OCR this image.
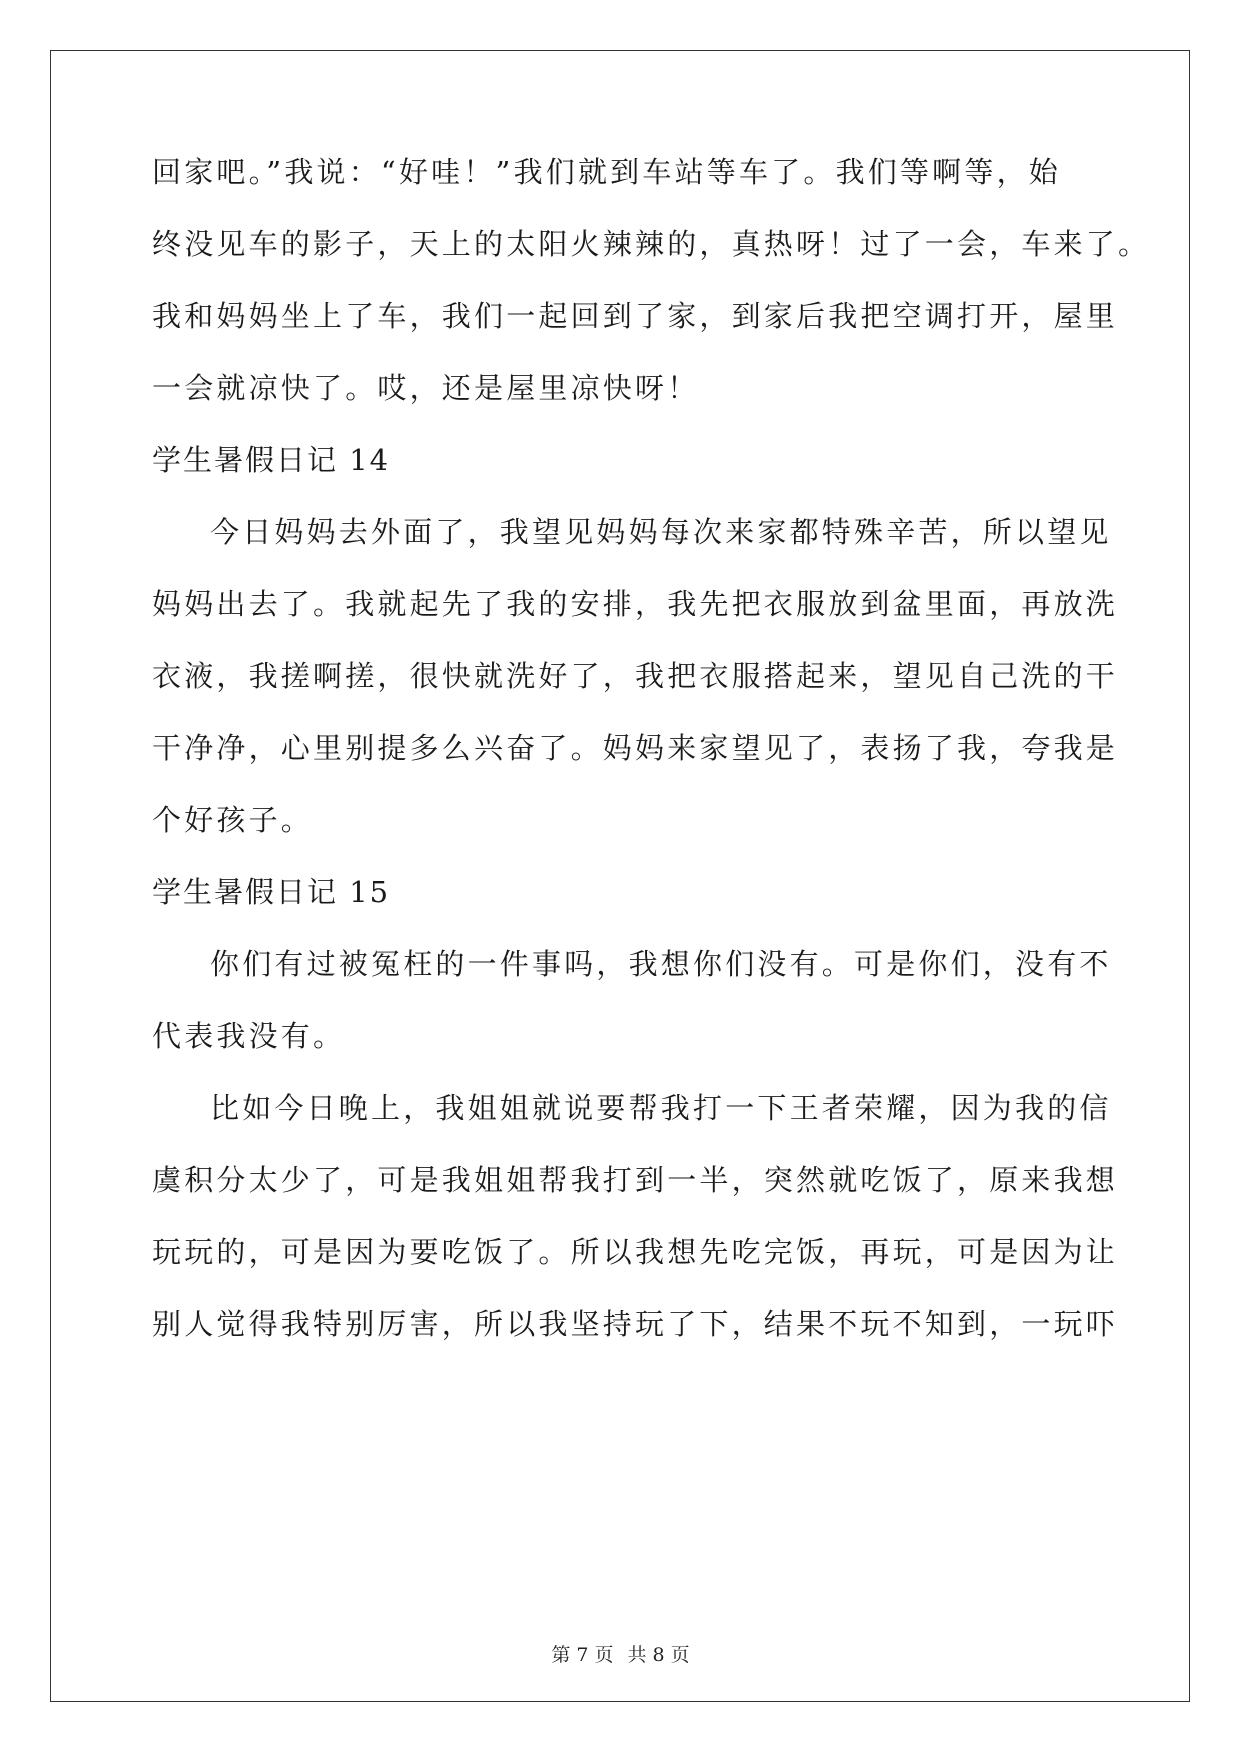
回家吧。”我说：“好哇！”我们就到车站等车了。我们等啊等，始
终没见车的影子，天上的太阳火辣辣的，真热呀！过了一会，车来了。
我和妈妈坐上了车，我们一起回到了家，到家后我把空调打开，屋里
一会就凉快了。哎，还是屋里凉快呀！
学生暑假日记 14
今日妈妈去外面了，我望见妈妈每次来家都特殊辛苦，所以望见
妈妈出去了。我就起先了我的安排，我先把衣服放到盆里面，再放洗
衣液，我搓啊搓，很快就洗好了，我把衣服搭起来，望见自己洗的干
干净净，心里别提多么兴奋了。妈妈来家望见了，表扬了我，夸我是
个好孩子。
学生暑假日记 15
你们有过被冤枉的一件事吗，我想你们没有。可是你们，没有不
代表我没有。
比如今日晚上，我姐姐就说要帮我打一下王者荣耀，因为我的信
虞积分太少了，可是我姐姐帮我打到一半，突然就吃饭了，原来我想
玩玩的，可是因为要吃饭了。所以我想先吃完饭，再玩，可是因为让
别人觉得我特别厉害，所以我坚持玩了下，结果不玩不知到，一玩吓
第 7 页 共 8 页
